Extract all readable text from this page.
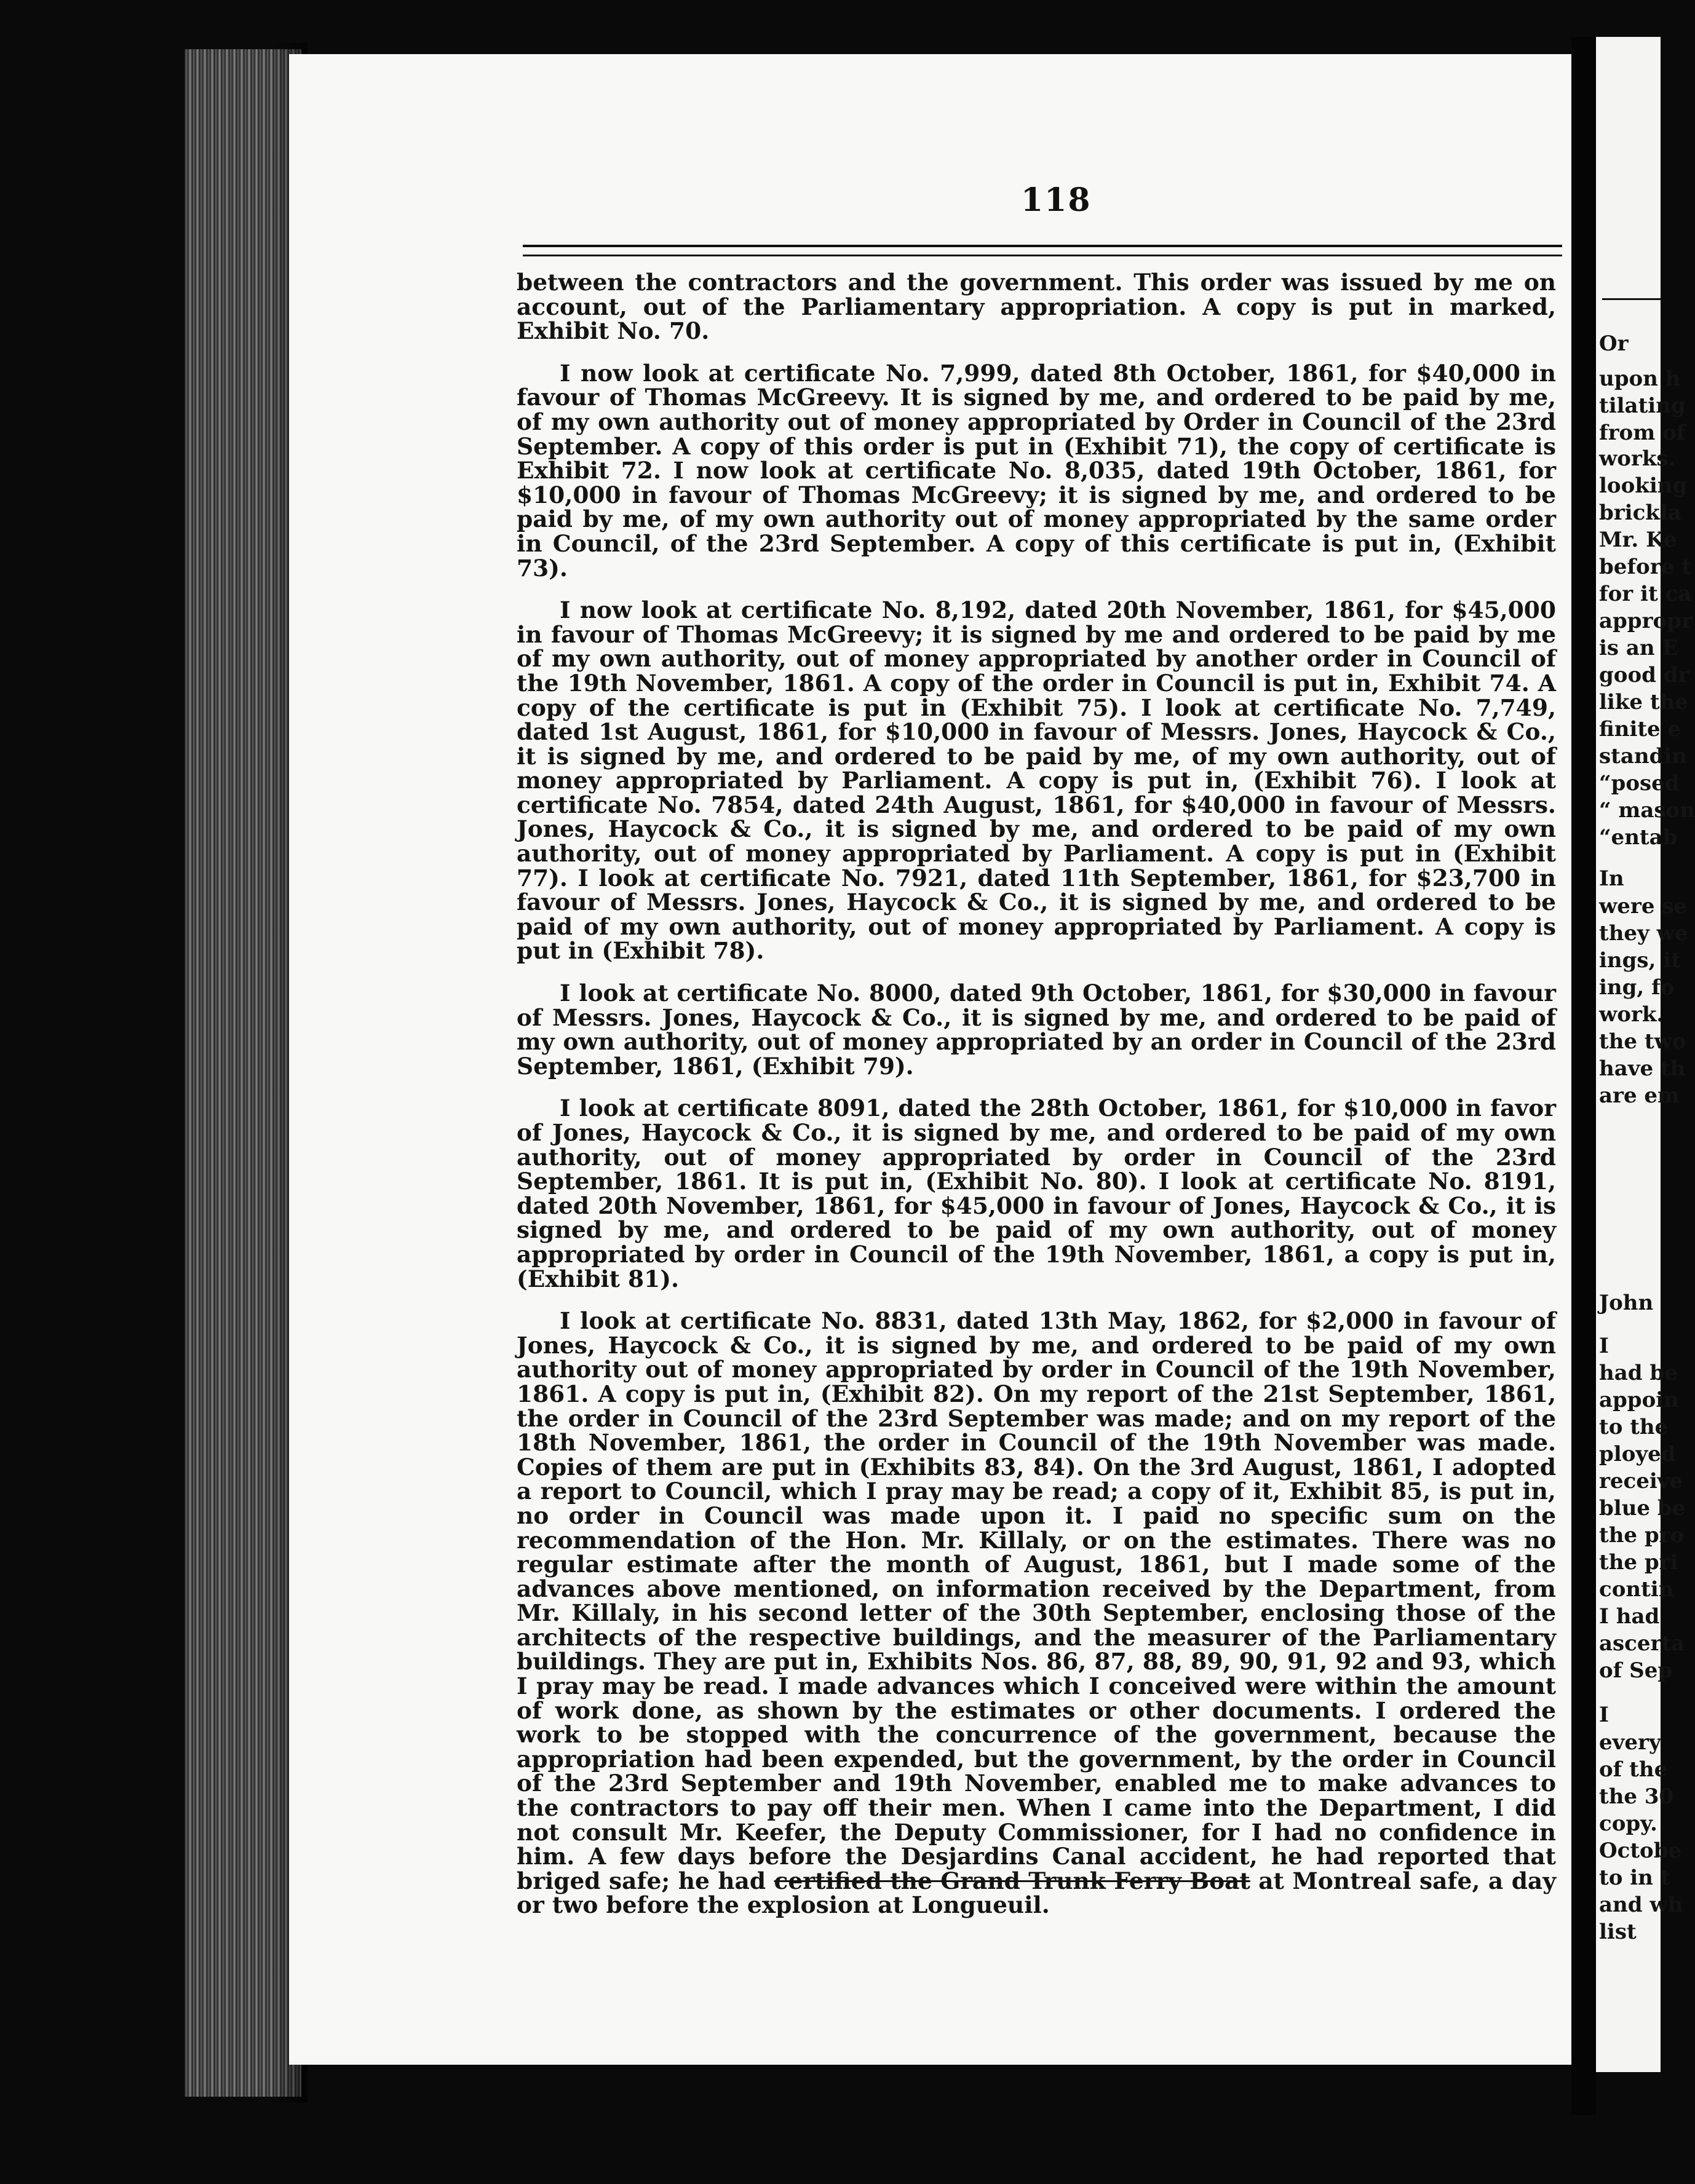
118

between the contractors and the government. This order was issued by me on account, out of the Parliamentary appropriation. A copy is put in marked, Exhibit No. 70.

I now look at certificate No. 7,999, dated 8th October, 1861, for $40,000 in favour of Thomas McGreevy. It is signed by me, and ordered to be paid by me, of my own authority out of money appropriated by Order in Council of the 23rd September. A copy of this order is put in (Exhibit 71), the copy of certificate is Exhibit 72. I now look at certificate No. 8,035, dated 19th October, 1861, for $10,000 in favour of Thomas McGreevy; it is signed by me, and ordered to be paid by me, of my own authority out of money appropriated by the same order in Council, of the 23rd September. A copy of this certificate is put in, (Exhibit 73).

I now look at certificate No. 8,192, dated 20th November, 1861, for $45,000 in favour of Thomas McGreevy; it is signed by me and ordered to be paid by me of my own authority, out of money appropriated by another order in Council of the 19th November, 1861. A copy of the order in Council is put in, Exhibit 74. A copy of the certificate is put in (Exhibit 75). I look at certificate No. 7,749, dated 1st August, 1861, for $10,000 in favour of Messrs. Jones, Haycock & Co., it is signed by me, and ordered to be paid by me, of my own authority, out of money appropriated by Parliament. A copy is put in, (Exhibit 76). I look at certificate No. 7854, dated 24th August, 1861, for $40,000 in favour of Messrs. Jones, Haycock & Co., it is signed by me, and ordered to be paid of my own authority, out of money appropriated by Parliament. A copy is put in (Exhibit 77). I look at certificate No. 7921, dated 11th September, 1861, for $23,700 in favour of Messrs. Jones, Haycock & Co., it is signed by me, and ordered to be paid of my own authority, out of money appropriated by Parliament. A copy is put in (Exhibit 78).

I look at certificate No. 8000, dated 9th October, 1861, for $30,000 in favour of Messrs. Jones, Haycock & Co., it is signed by me, and ordered to be paid of my own authority, out of money appropriated by an order in Council of the 23rd September, 1861, (Exhibit 79).

I look at certificate 8091, dated the 28th October, 1861, for $10,000 in favor of Jones, Haycock & Co., it is signed by me, and ordered to be paid of my own authority, out of money appropriated by order in Council of the 23rd September, 1861. It is put in, (Exhibit No. 80). I look at certificate No. 8191, dated 20th November, 1861, for $45,000 in favour of Jones, Haycock & Co., it is signed by me, and ordered to be paid of my own authority, out of money appropriated by order in Council of the 19th November, 1861, a copy is put in, (Exhibit 81).

I look at certificate No. 8831, dated 13th May, 1862, for $2,000 in favour of Jones, Haycock & Co., it is signed by me, and ordered to be paid of my own authority out of money appropriated by order in Council of the 19th November, 1861. A copy is put in, (Exhibit 82). On my report of the 21st September, 1861, the order in Council of the 23rd September was made; and on my report of the 18th November, 1861, the order in Council of the 19th November was made. Copies of them are put in (Exhibits 83, 84). On the 3rd August, 1861, I adopted a report to Council, which I pray may be read; a copy of it, Exhibit 85, is put in, no order in Council was made upon it. I paid no specific sum on the recommendation of the Hon. Mr. Killaly, or on the estimates. There was no regular estimate after the month of August, 1861, but I made some of the advances above mentioned, on information received by the Department, from Mr. Killaly, in his second letter of the 30th September, enclosing those of the architects of the respective buildings, and the measurer of the Parliamentary buildings. They are put in, Exhibits Nos. 86, 87, 88, 89, 90, 91, 92 and 93, which I pray may be read. I made advances which I conceived were within the amount of work done, as shown by the estimates or other documents. I ordered the work to be stopped with the concurrence of the government, because the appropriation had been expended, but the government, by the order in Council of the 23rd September and 19th November, enabled me to make advances to the contractors to pay off their men. When I came into the Department, I did not consult Mr. Keefer, the Deputy Commissioner, for I had no confidence in him. A few days before the Desjardins Canal accident, he had reported that briged safe; he had certified the Grand Trunk Ferry Boat at Montreal safe, a day or two before the explosion at Longueuil.

Or
upon h
tilating
from of
works.
looking
brickla
Mr. Ke
before t
for it ca
appropr
is an E
good dr
like the
finite e
standin
“posed
“ mason
“entab
In
were se
they we
ings, it
ing, fo
work.
the two
have th
are em
John
I
had be
appoin
to the
ployed
receive
blue be
the pro
the pri
contin
I had
ascerta
of Sep
I
every
of the
the 30
copy.
Octobe
to in t
and wh
list
